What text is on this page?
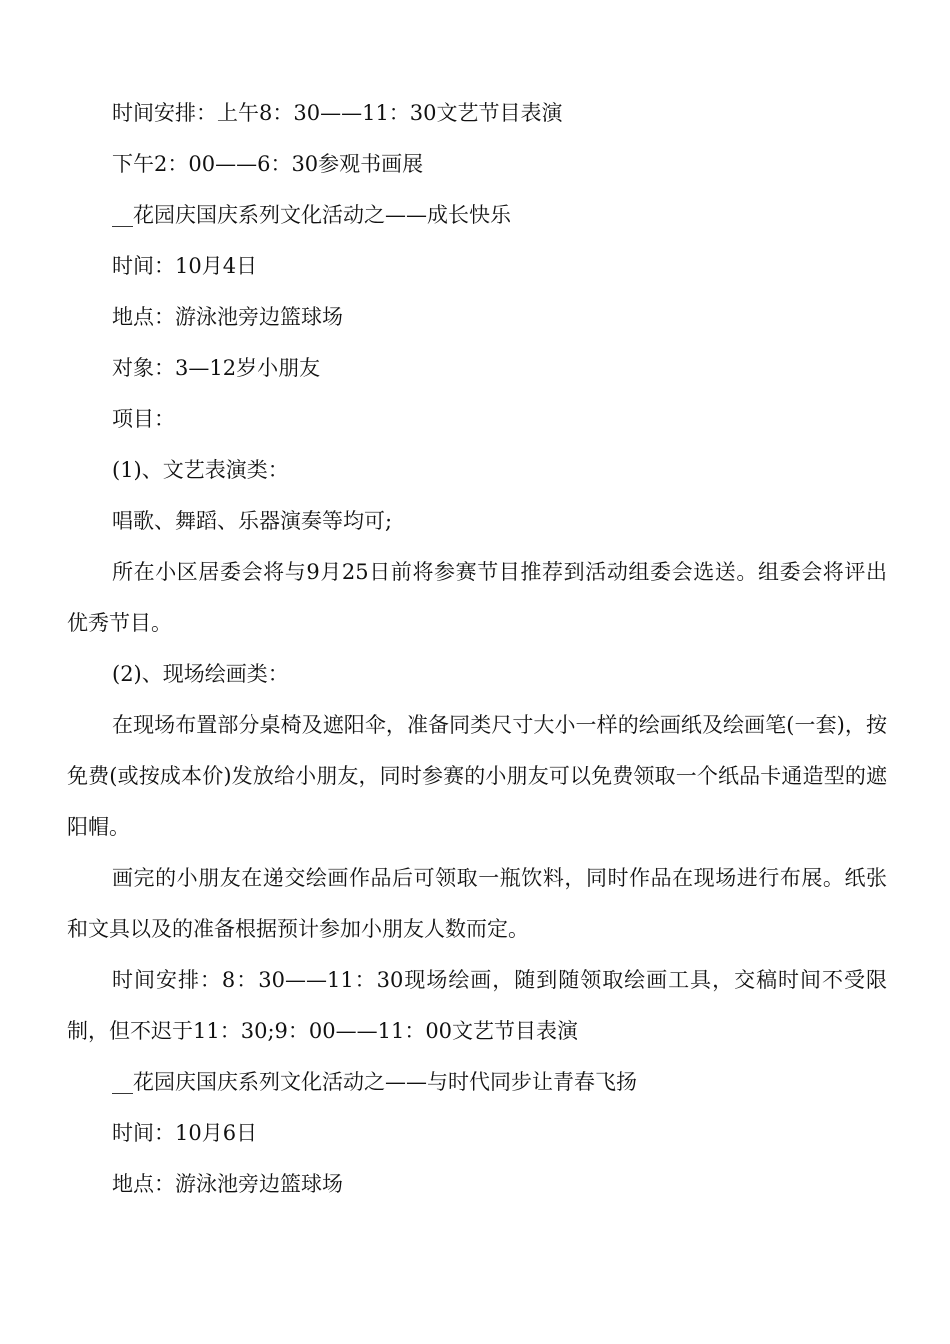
时间安排：上午8：30——11：30文艺节目表演

下午2：00——6：30参观书画展

__花园庆国庆系列文化活动之——成长快乐

时间：10月4日

地点：游泳池旁边篮球场

对象：3—12岁小朋友

项目：

(1)、文艺表演类：

唱歌、舞蹈、乐器演奏等均可;

所在小区居委会将与9月25日前将参赛节目推荐到活动组委会选送。组委会将评出优秀节目。

(2)、现场绘画类：

在现场布置部分桌椅及遮阳伞，准备同类尺寸大小一样的绘画纸及绘画笔(一套)，按免费(或按成本价)发放给小朋友，同时参赛的小朋友可以免费领取一个纸品卡通造型的遮阳帽。

画完的小朋友在递交绘画作品后可领取一瓶饮料，同时作品在现场进行布展。纸张和文具以及的准备根据预计参加小朋友人数而定。

时间安排：8：30——11：30现场绘画，随到随领取绘画工具，交稿时间不受限制，但不迟于11：30;9：00——11：00文艺节目表演

__花园庆国庆系列文化活动之——与时代同步让青春飞扬

时间：10月6日

地点：游泳池旁边篮球场
